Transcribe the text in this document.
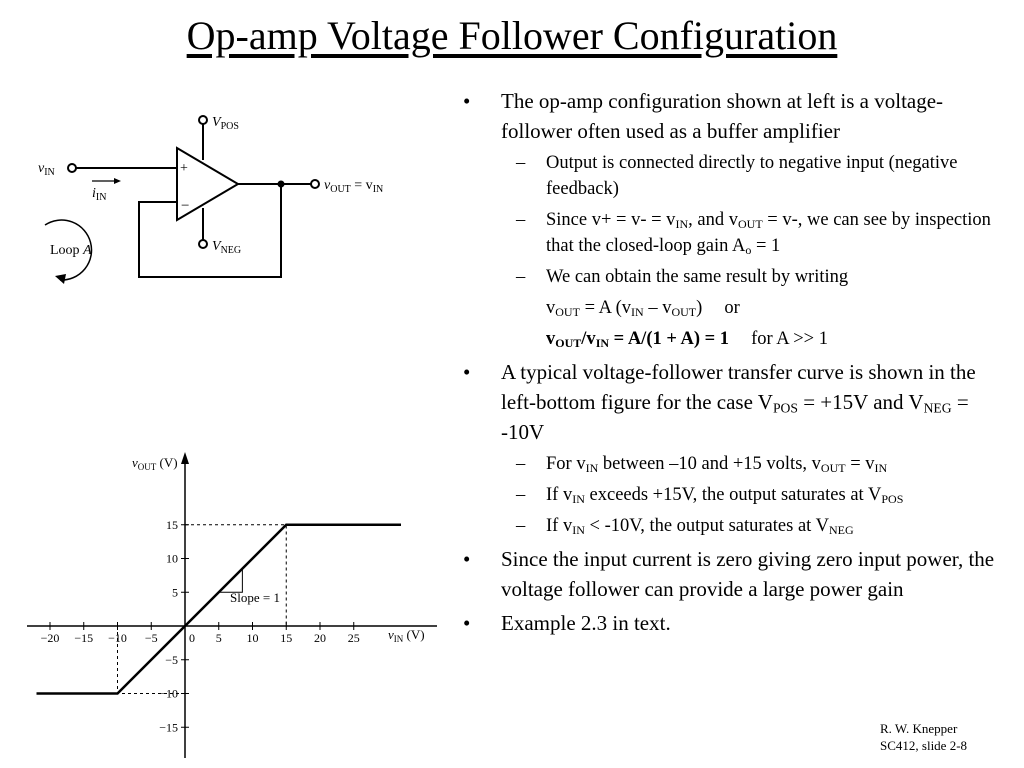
Op-amp Voltage Follower Configuration
+
−
$v_{IN}$
$i_{IN}$
$V_{POS}$
$V_{NEG}$
$v_{OUT} = v_{IN}$
Loop A
−20 −15 −10 −5	0 5 10 15 20 25
15
10
5
−5
−10
−15
$v_{OUT}$ (V)
$v_{IN}$ (V)
Slope = 1
• The op-amp configuration shown at left is a voltage-follower often used as a buffer amplifier
– Output is connected directly to negative input (negative feedback)
– Since $v+ = v- = v_{IN}$, and $v_{OUT} = v-$, we can see by inspection that the closed-loop gain $A_o = 1$
– We can obtain the same result by writing
$v_{OUT} = A$ $(v_{IN} - v_{OUT})$ or
$v_{OUT}/v_{IN} = A/(1 + A) = 1$ for A >> 1
• A typical voltage-follower transfer curve is shown in the left-bottom figure for the case $V_{POS} = +15V$ and $V_{NEG} = -10V$
– For $v_{IN}$ between –10 and +15 volts, $v_{OUT} = v_{IN}$
– If $v_{IN}$ exceeds +15V, the output saturates at $V_{POS}$
– If $v_{IN} < -10V$, the output saturates at $V_{NEG}$
• Since the input current is zero giving zero input power, the voltage follower can provide a large power gain
• Example 2.3 in text.
R. W. Knepper
SC412, slide 2-8
